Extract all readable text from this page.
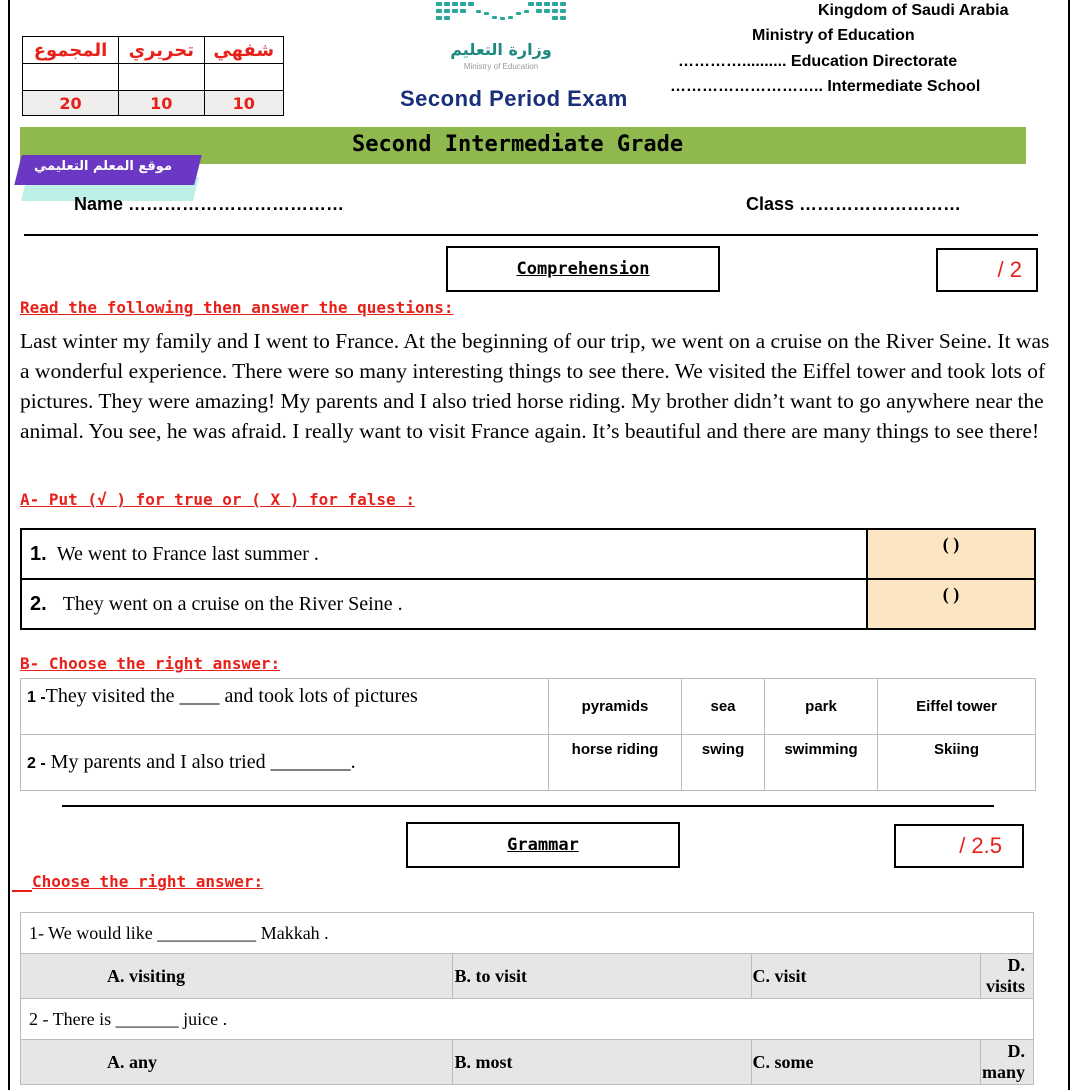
المجموع	تحريري	شفهي

20	10	10
وزارة التعليم
Ministry of Education
Second Period Exam
Kingdom of Saudi Arabia
Ministry of Education
………….......... Education Directorate
……………………….. Intermediate School
Second Intermediate Grade
موقع المعلم التعليمي
Name ………………………………	Class ………………………
Comprehension	/ 2
Read the following then answer the questions:
Last winter my family and I went to France. At the beginning of our trip, we went on a cruise on the River Seine. It was a wonderful experience. There were so many interesting things to see there. We visited the Eiffel tower and took lots of pictures. They were amazing! My parents and I also tried horse riding. My brother didn’t want to go anywhere near the animal. You see, he was afraid. I really want to visit France again. It’s beautiful and there are many things to see there!
A- Put (√ ) for true or ( X ) for false :
1. We went to France last summer .	( )
2. They went on a cruise on the River Seine .	( )
B- Choose the right answer:
1 -They visited the ____ and took lots of pictures	pyramids	sea	park	Eiffel tower
2 - My parents and I also tried ________.	horse riding	swing	swimming	Skiing
Grammar	/ 2.5
Choose the right answer:
1- We would like ___________ Makkah .			
A. visiting	B. to visit	C. visit	D. visits
2 - There is _______ juice .			
A. any	B. most	C. some	D. many
